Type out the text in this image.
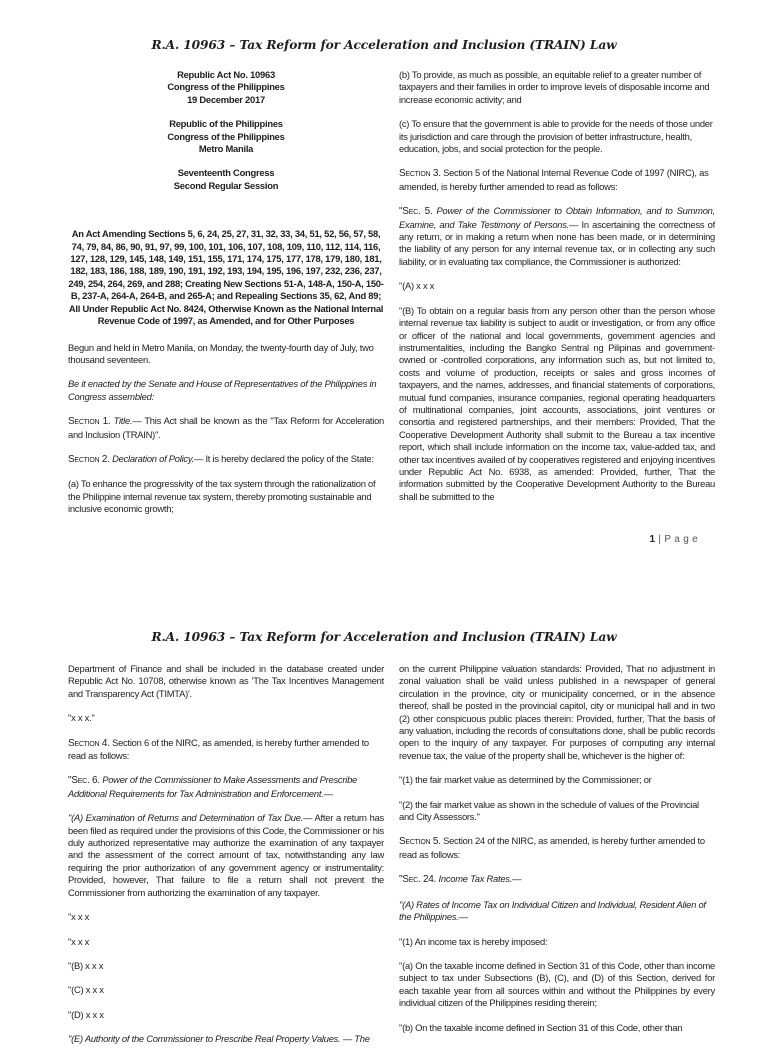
R.A. 10963 – Tax Reform for Acceleration and Inclusion (TRAIN) Law
Republic Act No. 10963
Congress of the Philippines
19 December 2017
Republic of the Philippines
Congress of the Philippines
Metro Manila
Seventeenth Congress
Second Regular Session
An Act Amending Sections 5, 6, 24, 25, 27, 31, 32, 33, 34, 51, 52, 56, 57, 58, 74, 79, 84, 86, 90, 91, 97, 99, 100, 101, 106, 107, 108, 109, 110, 112, 114, 116, 127, 128, 129, 145, 148, 149, 151, 155, 171, 174, 175, 177, 178, 179, 180, 181, 182, 183, 186, 188, 189, 190, 191, 192, 193, 194, 195, 196, 197, 232, 236, 237, 249, 254, 264, 269, and 288; Creating New Sections 51-A, 148-A, 150-A, 150-B, 237-A, 264-A, 264-B, and 265-A; and Repealing Sections 35, 62, And 89; All Under Republic Act No. 8424, Otherwise Known as the National Internal Revenue Code of 1997, as Amended, and for Other Purposes

Begun and held in Metro Manila, on Monday, the twenty-fourth day of July, two thousand seventeen.

Be it enacted by the Senate and House of Representatives of the Philippines in Congress assembled:

Section 1. Title.— This Act shall be known as the "Tax Reform for Acceleration and Inclusion (TRAIN)".

Section 2. Declaration of Policy.— It is hereby declared the policy of the State:

(a) To enhance the progressivity of the tax system through the rationalization of the Philippine internal revenue tax system, thereby promoting sustainable and inclusive economic growth;

(b) To provide, as much as possible, an equitable relief to a greater number of taxpayers and their families in order to improve levels of disposable income and increase economic activity; and

(c) To ensure that the government is able to provide for the needs of those under its jurisdiction and care through the provision of better infrastructure, health, education, jobs, and social protection for the people.

Section 3. Section 5 of the National Internal Revenue Code of 1997 (NIRC), as amended, is hereby further amended to read as follows:

"Sec. 5. Power of the Commissioner to Obtain Information, and to Summon, Examine, and Take Testimony of Persons.— In ascertaining the correctness of any return, or in making a return when none has been made, or in determining the liability of any person for any internal revenue tax, or in collecting any such liability, or in evaluating tax compliance, the Commissioner is authorized:

"(A) x x x

"(B) To obtain on a regular basis from any person other than the person whose internal revenue tax liability is subject to audit or investigation, or from any office or officer of the national and local governments, government agencies and instrumentalities, including the Bangko Sentral ng Pilipinas and government-owned or -controlled corporations, any information such as, but not limited to, costs and volume of production, receipts or sales and gross incomes of taxpayers, and the names, addresses, and financial statements of corporations, mutual fund companies, insurance companies, regional operating headquarters of multinational companies, joint accounts, associations, joint ventures or consortia and registered partnerships, and their members: Provided, That the Cooperative Development Authority shall submit to the Bureau a tax incentive report, which shall include information on the income tax, value-added tax, and other tax incentives availed of by cooperatives registered and enjoying incentives under Republic Act No. 6938, as amended: Provided, further, That the information submitted by the Cooperative Development Authority to the Bureau shall be submitted to the

1 | P a g e
R.A. 10963 – Tax Reform for Acceleration and Inclusion (TRAIN) Law

Department of Finance and shall be included in the database created under Republic Act No. 10708, otherwise known as 'The Tax Incentives Management and Transparency Act (TIMTA)'.

"x x x."

Section 4. Section 6 of the NIRC, as amended, is hereby further amended to read as follows:

"Sec. 6. Power of the Commissioner to Make Assessments and Prescribe Additional Requirements for Tax Administration and Enforcement.—

"(A) Examination of Returns and Determination of Tax Due.— After a return has been filed as required under the provisions of this Code, the Commissioner or his duly authorized representative may authorize the examination of any taxpayer and the assessment of the correct amount of tax, notwithstanding any law requiring the prior authorization of any government agency or instrumentality: Provided, however, That failure to file a return shall not prevent the Commissioner from authorizing the examination of any taxpayer.

"x x x

"x x x

"(B) x x x

"(C) x x x

"(D) x x x

"(E) Authority of the Commissioner to Prescribe Real Property Values. — The

on the current Philippine valuation standards: Provided, That no adjustment in zonal valuation shall be valid unless published in a newspaper of general circulation in the province, city or municipality concerned, or in the absence thereof, shall be posted in the provincial capitol, city or municipal hall and in two (2) other conspicuous public places therein: Provided, further, That the basis of any valuation, including the records of consultations done, shall be public records open to the inquiry of any taxpayer. For purposes of computing any internal revenue tax, the value of the property shall be, whichever is the higher of:

"(1) the fair market value as determined by the Commissioner; or

"(2) the fair market value as shown in the schedule of values of the Provincial and City Assessors."

Section 5. Section 24 of the NIRC, as amended, is hereby further amended to read as follows:

"Sec. 24. Income Tax Rates.—

"(A) Rates of Income Tax on Individual Citizen and Individual, Resident Alien of the Philippines.—

"(1) An income tax is hereby imposed:

"(a) On the taxable income defined in Section 31 of this Code, other than income subject to tax under Subsections (B), (C), and (D) of this Section, derived for each taxable year from all sources within and without the Philippines by every individual citizen of the Philippines residing therein;

"(b) On the taxable income defined in Section 31 of this Code, other than
